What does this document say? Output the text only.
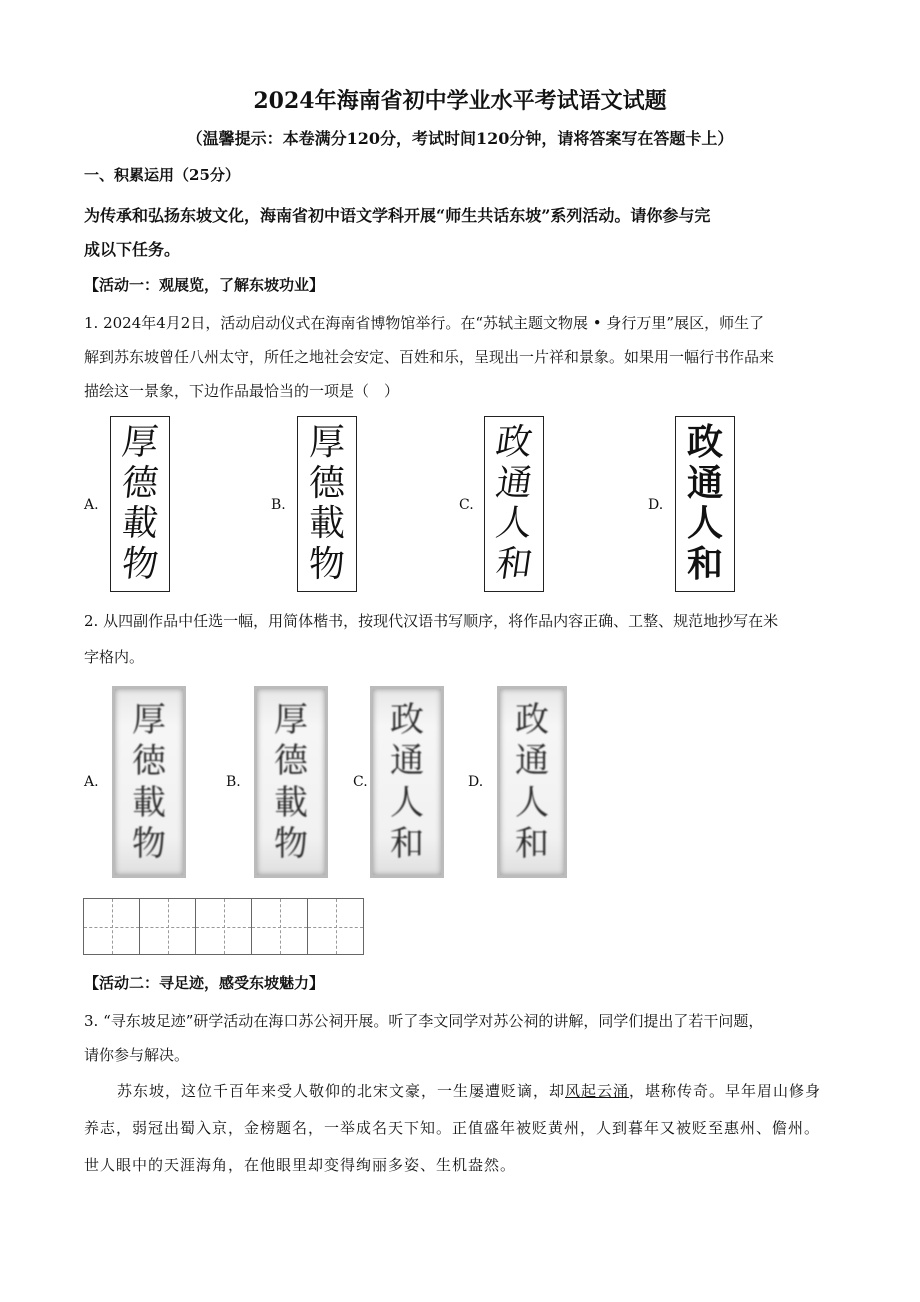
2024年海南省初中学业水平考试语文试题
（温馨提示：本卷满分120分，考试时间120分钟，请将答案写在答题卡上）
一、积累运用（25分）
为传承和弘扬东坡文化，海南省初中语文学科开展“师生共话东坡”系列活动。请你参与完
成以下任务。
【活动一：观展览，了解东坡功业】
1. 2024年4月2日，活动启动仪式在海南省博物馆举行。在“苏轼主题文物展 • 身行万里”展区，师生了
解到苏东坡曾任八州太守，所任之地社会安定、百姓和乐，呈现出一片祥和景象。如果用一幅行书作品来
描绘这一景象，下边作品最恰当的一项是（　）
A.
厚
德
載
物
B.
厚
德
載
物
C.
政
通
人
和
D.
政
通
人
和
2. 从四副作品中任选一幅，用简体楷书，按现代汉语书写顺序，将作品内容正确、工整、规范地抄写在米
字格内。
A.
厚
徳
載
物
B.
厚
德
載
物
C.
政
通
人
和
D.
政
通
人
和
【活动二：寻足迹，感受东坡魅力】
3. “寻东坡足迹”研学活动在海口苏公祠开展。听了李文同学对苏公祠的讲解，同学们提出了若干问题，
请你参与解决。
苏东坡，这位千百年来受人敬仰的北宋文豪，一生屡遭贬谪，却风起云涌，堪称传奇。早年眉山修身
养志，弱冠出蜀入京，金榜题名，一举成名天下知。正值盛年被贬黄州，人到暮年又被贬至惠州、儋州。
世人眼中的天涯海角，在他眼里却变得绚丽多姿、生机盎然。
